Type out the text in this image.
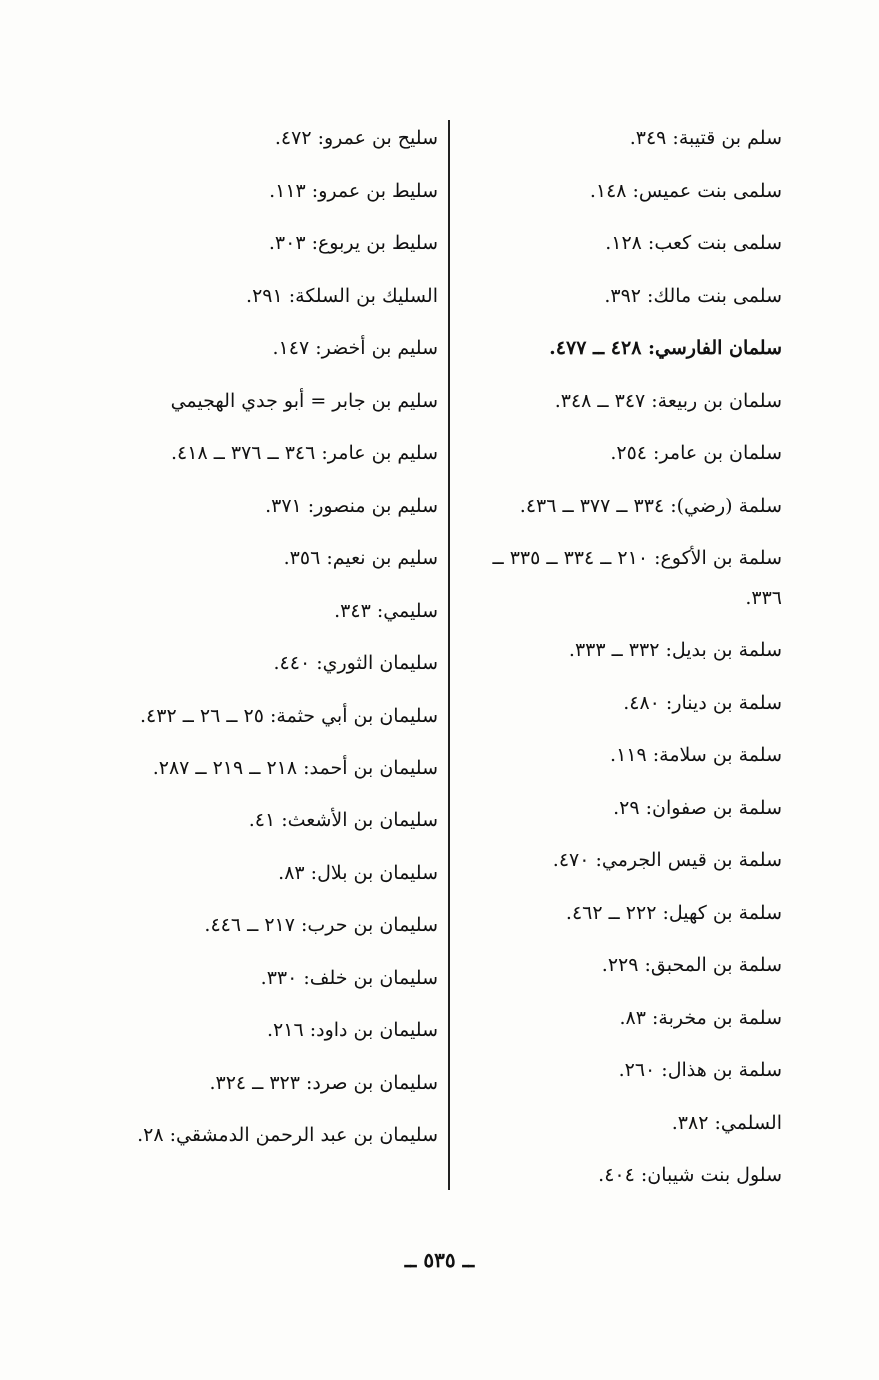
سلم بن قتيبة: ٣٤٩.
سلمى بنت عميس: ١٤٨.
سلمى بنت كعب: ١٢٨.
سلمى بنت مالك: ٣٩٢.
سلمان الفارسي: ٤٢٨ ــ ٤٧٧.
سلمان بن ربيعة: ٣٤٧ ــ ٣٤٨.
سلمان بن عامر: ٢٥٤.
سلمة (رضي): ٣٣٤ ــ ٣٧٧ ــ ٤٣٦.
سلمة بن الأكوع: ٢١٠ ــ ٣٣٤ ــ ٣٣٥ ــ ٣٣٦.
سلمة بن بديل: ٣٣٢ ــ ٣٣٣.
سلمة بن دينار: ٤٨٠.
سلمة بن سلامة: ١١٩.
سلمة بن صفوان: ٢٩.
سلمة بن قيس الجرمي: ٤٧٠.
سلمة بن كهيل: ٢٢٢ ــ ٤٦٢.
سلمة بن المحبق: ٢٢٩.
سلمة بن مخربة: ٨٣.
سلمة بن هذال: ٢٦٠.
السلمي: ٣٨٢.
سلول بنت شيبان: ٤٠٤.
سليح بن عمرو: ٤٧٢.
سليط بن عمرو: ١١٣.
سليط بن يربوع: ٣٠٣.
السليك بن السلكة: ٢٩١.
سليم بن أخضر: ١٤٧.
سليم بن جابر = أبو جدي الهجيمي
سليم بن عامر: ٣٤٦ ــ ٣٧٦ ــ ٤١٨.
سليم بن منصور: ٣٧١.
سليم بن نعيم: ٣٥٦.
سليمي: ٣٤٣.
سليمان الثوري: ٤٤٠.
سليمان بن أبي حثمة: ٢٥ ــ ٢٦ ــ ٤٣٢.
سليمان بن أحمد: ٢١٨ ــ ٢١٩ ــ ٢٨٧.
سليمان بن الأشعث: ٤١.
سليمان بن بلال: ٨٣.
سليمان بن حرب: ٢١٧ ــ ٤٤٦.
سليمان بن خلف: ٣٣٠.
سليمان بن داود: ٢١٦.
سليمان بن صرد: ٣٢٣ ــ ٣٢٤.
سليمان بن عبد الرحمن الدمشقي: ٢٨.
ــ ٥٣٥ ــ
